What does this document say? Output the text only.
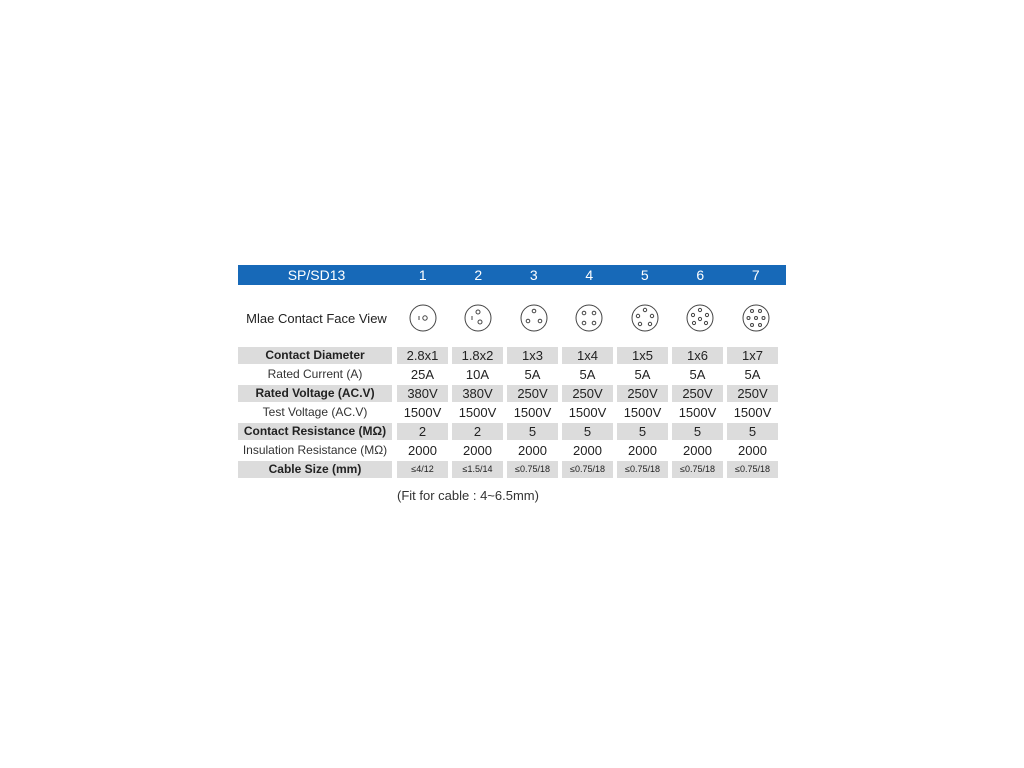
SP/SD13	1	2	3	4	5	6	7
Mlae Contact Face View
Contact Diameter	2.8x1	1.8x2	1x3	1x4	1x5	1x6	1x7
Rated Current (A)	25A	10A	5A	5A	5A	5A	5A
Rated Voltage (AC.V)	380V	380V	250V	250V	250V	250V	250V
Test Voltage (AC.V)	1500V	1500V	1500V	1500V	1500V	1500V	1500V
Contact Resistance (MΩ)	2	2	5	5	5	5	5
Insulation Resistance (MΩ)	2000	2000	2000	2000	2000	2000	2000
Cable Size (mm)	≤4/12	≤1.5/14	≤0.75/18	≤0.75/18	≤0.75/18	≤0.75/18	≤0.75/18
(Fit for cable : 4~6.5mm)
